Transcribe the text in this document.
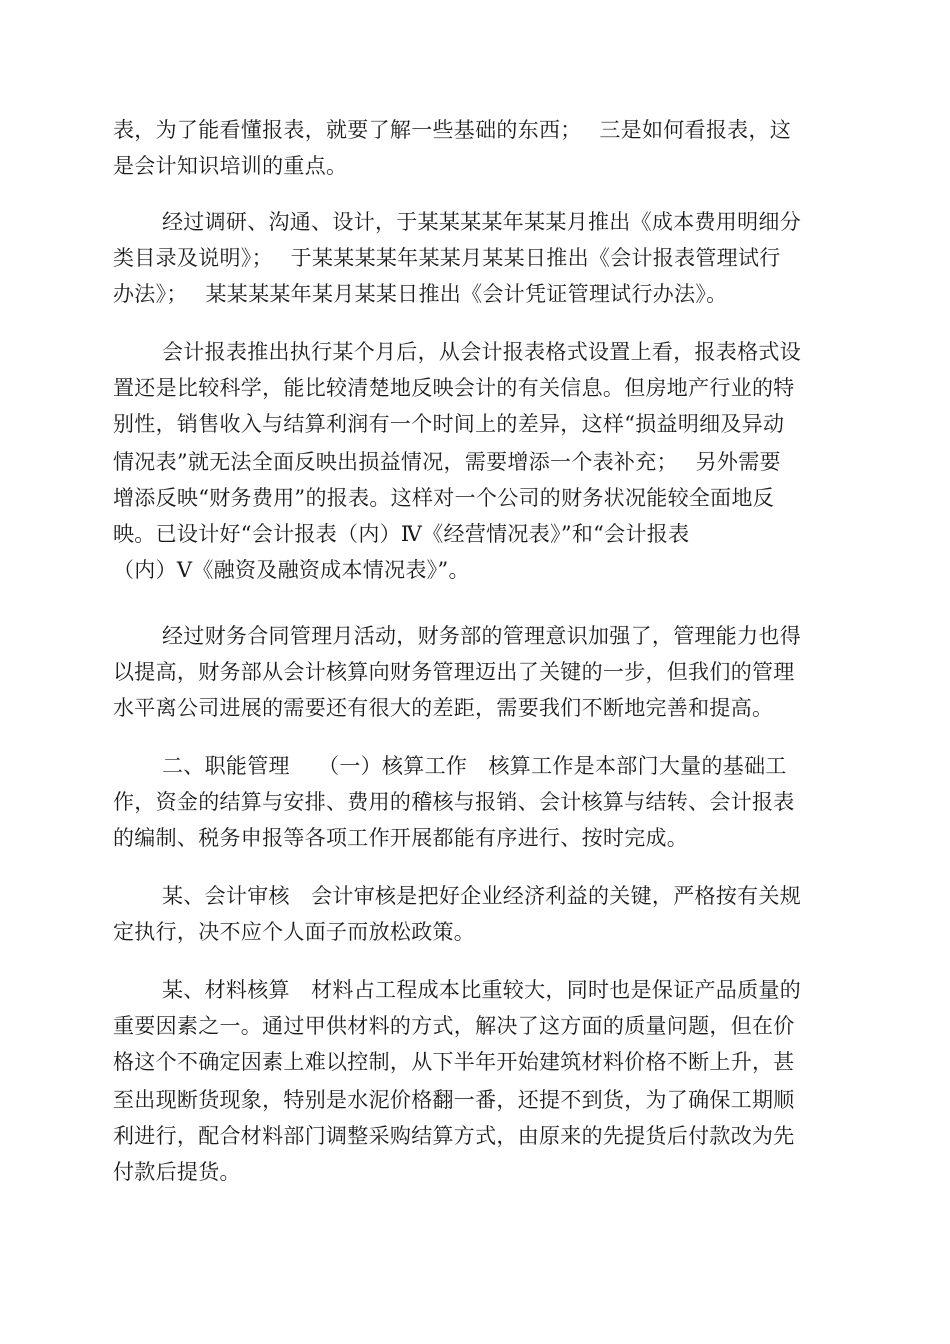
表，为了能看懂报表，就要了解一些基础的东西；　 三是如何看报表，这
是会计知识培训的重点。
经过调研、沟通、设计，于某某某某年某某月推出《成本费用明细分
类目录及说明》；　 于某某某某年某某月某某日推出《会计报表管理试行
办法》；　 某某某某年某月某某日推出《会计凭证管理试行办法》。
会计报表推出执行某个月后，从会计报表格式设置上看，报表格式设
置还是比较科学，能比较清楚地反映会计的有关信息。但房地产行业的特
别性，销售收入与结算利润有一个时间上的差异，这样“损益明细及异动
情况表”就无法全面反映出损益情况，需要增添一个表补充；　 另外需要
增添反映“财务费用”的报表。这样对一个公司的财务状况能较全面地反
映。已设计好“会计报表（内）Ⅳ《经营情况表》”和“会计报表
（内）Ⅴ《融资及融资成本情况表》”。
经过财务合同管理月活动，财务部的管理意识加强了，管理能力也得
以提高，财务部从会计核算向财务管理迈出了关键的一步，但我们的管理
水平离公司进展的需要还有很大的差距，需要我们不断地完善和提高。
二、职能管理　 （一）核算工作　核算工作是本部门大量的基础工
作，资金的结算与安排、费用的稽核与报销、会计核算与结转、会计报表
的编制、税务申报等各项工作开展都能有序进行、按时完成。
某、会计审核　会计审核是把好企业经济利益的关键，严格按有关规
定执行，决不应个人面子而放松政策。
某、材料核算　材料占工程成本比重较大，同时也是保证产品质量的
重要因素之一。通过甲供材料的方式，解决了这方面的质量问题，但在价
格这个不确定因素上难以控制，从下半年开始建筑材料价格不断上升，甚
至出现断货现象，特别是水泥价格翻一番，还提不到货，为了确保工期顺
利进行，配合材料部门调整采购结算方式，由原来的先提货后付款改为先
付款后提货。
